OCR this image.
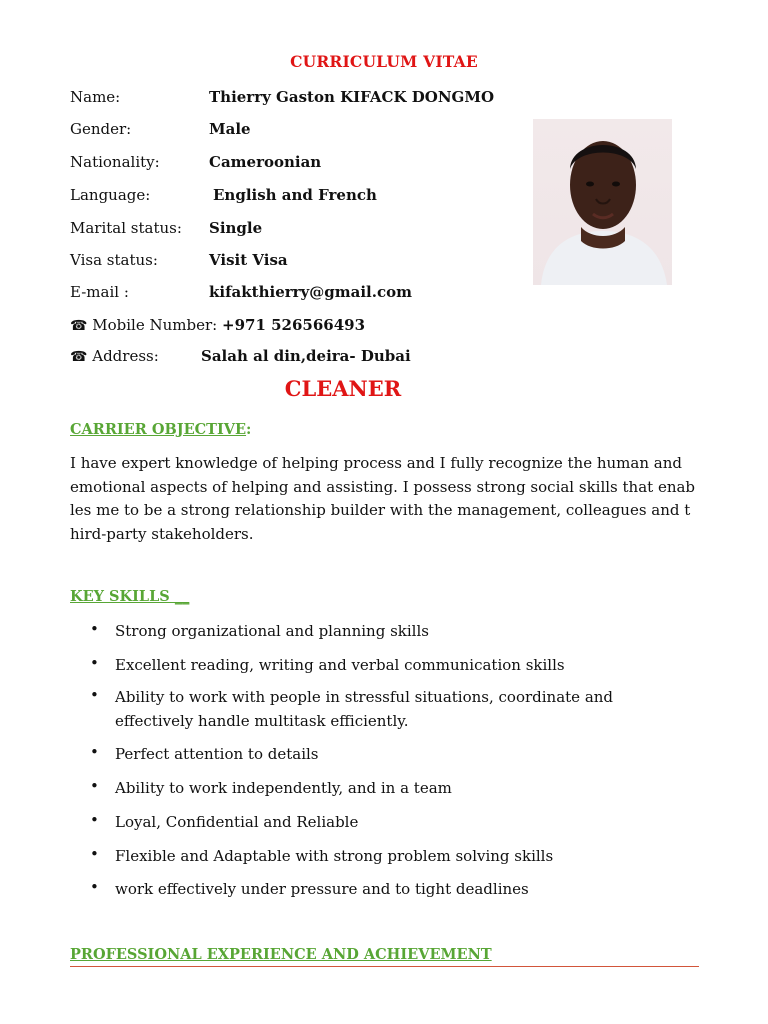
CURRICULUM VITAE
Name:	Thierry Gaston KIFACK DONGMO
Gender:	Male
Nationality:	Cameroonian
Language:	English and French
Marital status: Single
Visa status:	Visit Visa
E-mail :	kifakthierry@gmail.com
☎ Mobile Number: +971 526566493
☎ Address:	Salah al din,deira- Dubai
CLEANER
CARRIER OBJECTIVE:
I have expert knowledge of helping process and I fully recognize the human and
emotional aspects of helping and assisting. I possess strong social skills that enab
les me to be a strong relationship builder with the management, colleagues and t
hird-party stakeholders.
KEY SKILLS __
•	Strong organizational and planning skills
•	Excellent reading, writing and verbal communication skills
•	Ability to work with people in stressful situations, coordinate and effectively handle multitask efficiently.
•	Perfect attention to details
•	Ability to work independently, and in a team
•	Loyal, Confidential and Reliable
•	Flexible and Adaptable with strong problem solving skills
•	work effectively under pressure and to tight deadlines
PROFESSIONAL EXPERIENCE AND ACHIEVEMENT
